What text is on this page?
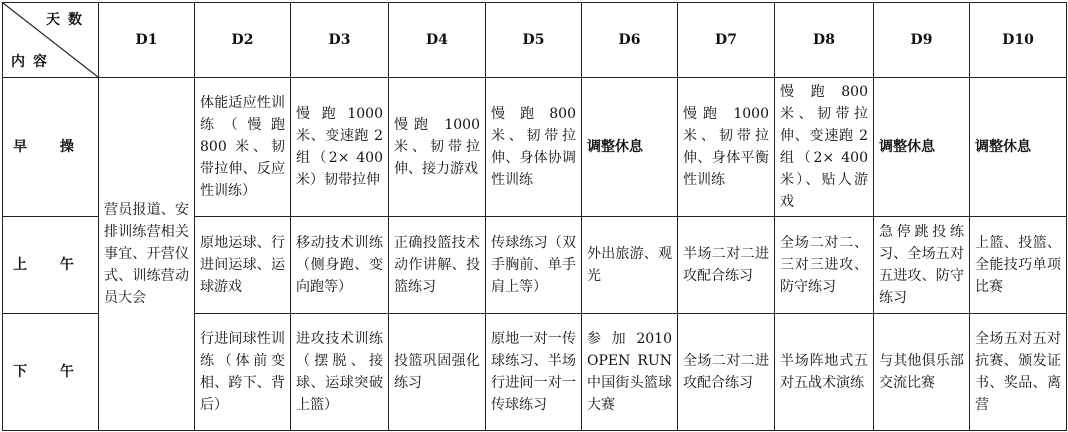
天数
内容	D1	D2	D3	D4	D5	D6	D7	D8	D9	D10
早 操	营员报道、安排训练营相关事宜、开营仪式、训练营动员大会	体能适应性训练（慢跑 800 米、韧带拉伸、反应性训练）	慢 跑 1000 米、变速跑 2 组（2× 400 米）韧带拉伸	慢跑 1000 米、韧带拉伸、接力游戏	慢 跑 800 米、韧带拉伸、身体协调性训练	调整休息	慢跑 1000 米、韧带拉伸、身体平衡性训练	慢 跑 800 米、韧带拉伸、变速跑 2 组（2× 400 米）、贴人游戏	调整休息	调整休息
上 午		原地运球、行进间运球、运球游戏	移动技术训练（侧身跑、变向跑等）	正确投篮技术动作讲解、投篮练习	传球练习（双手胸前、单手肩上等）	外出旅游、观光	半场二对二进攻配合练习	全场二对二、三对三进攻、防守练习	急停跳投练习、全场五对五进攻、防守练习	上篮、投篮、全能技巧单项比赛
下 午		行进间球性训练（体前变相、跨下、背后）	进攻技术训练（摆脱、接球、运球突破上篮）	投篮巩固强化练习	原地一对一传球练习、半场行进间一对一传球练习	参 加 2010 OPEN RUN 中国街头篮球大赛	全场二对二进攻配合练习	半场阵地式五对五战术演练	与其他俱乐部交流比赛	全场五对五对抗赛、颁发证书、奖品、离营
